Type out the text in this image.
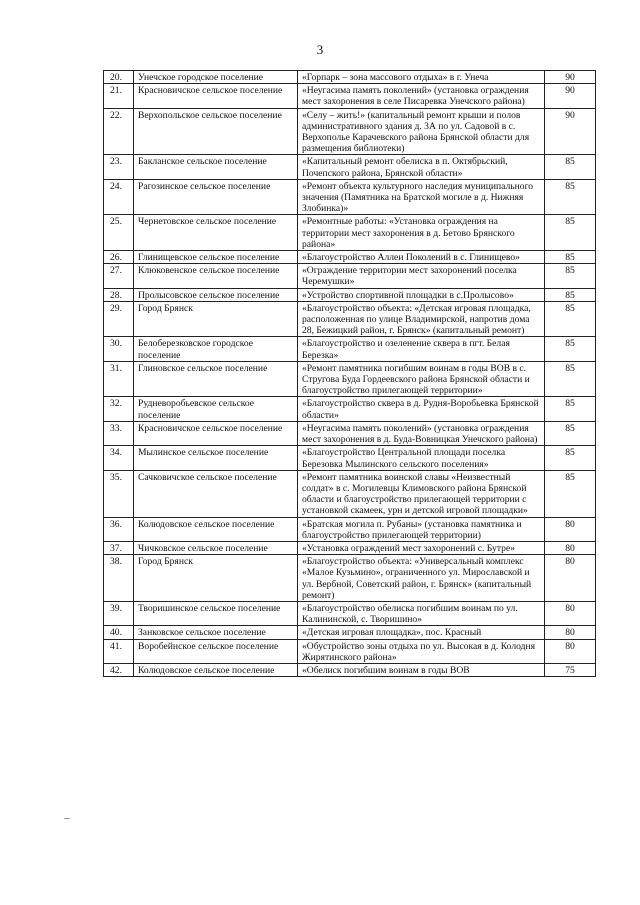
3
20.	Унечское городское поселение	«Горпарк – зона массового отдыха» в г. Унеча	90
21.	Красновичское сельское поселение	«Неугасима память поколений» (установка ограждения мест захоронения в селе Писаревка Унечского района)	90
22.	Верхопольское сельское поселение	«Селу – жить!» (капитальный ремонт крыши и полов административного здания д. 3А по ул. Садовой в с. Верхополье Карачевского района Брянской области для размещения библиотеки)	90
23.	Бакланское сельское поселение	«Капитальный ремонт обелиска в п. Октябрьский, Почепского района, Брянской области»	85
24.	Рагозинское сельское поселение	«Ремонт объекта культурного наследия муниципального значения (Памятника на Братской могиле в д. Нижняя Злобинка)»	85
25.	Чернетовское сельское поселение	«Ремонтные работы: «Установка ограждения на территории мест захоронения в д. Бетово Брянского района»	85
26.	Глинищевское сельское поселение	«Благоустройство Аллеи Поколений в с. Глинищево»	85
27.	Клюковенское сельское поселение	«Ограждение территории мест захоронений поселка Черемушки»	85
28.	Пролысовское сельское поселение	«Устройство спортивной площадки в с.Пролысово»	85
29.	Город Брянск	«Благоустройство объекта: «Детская игровая площадка, расположенная по улице Владимирской, напротив дома 28, Бежицкий район, г. Брянск» (капитальный ремонт)	85
30.	Белоберезковское городское поселение	«Благоустройство и озеленение сквера в пгт. Белая Березка»	85
31.	Глиновское сельское поселение	«Ремонт памятника погибшим воинам в годы ВОВ в с. Стругова Буда Гордеевского района Брянской области и благоустройство прилегающей территории»	85
32.	Рудневоробьевское сельское поселение	«Благоустройство сквера в д. Рудня-Воробьевка Брянской области»	85
33.	Красновичское сельское поселение	«Неугасима память поколений» (установка ограждения мест захоронения в д. Буда-Вовницкая Унечского района)	85
34.	Мылинское сельское поселение	«Благоустройство Центральной площади поселка Березовка Мылинского сельского поселения»	85
35.	Сачковичское сельское поселение	«Ремонт памятника воинской славы «Неизвестный солдат» в с. Могилевцы Климовского района Брянской области и благоустройство прилегающей территории с установкой скамеек, урн и детской игровой площадки»	85
36.	Колюдовское сельское поселение	«Братская могила п. Рубаны» (установка памятника и благоустройство прилегающей территории)	80
37.	Чичковское сельское поселение	«Установка ограждений мест захоронений с. Бутре»	80
38.	Город Брянск	«Благоустройство объекта: «Универсальный комплекс «Малое Кузьмино», ограниченного ул. Мирославской и ул. Вербной, Советский район, г. Брянск» (капитальный ремонт)	80
39.	Творишинское сельское поселение	«Благоустройство обелиска погибшим воинам по ул. Калининской, с. Творишино»	80
40.	Занковское сельское поселение	«Детская игровая площадка», пос. Красный	80
41.	Воробейнское сельское поселение	«Обустройство зоны отдыха по ул. Высокая в д. Колодня Жирятинского района»	80
42.	Колюдовское сельское поселение	«Обелиск погибшим воинам в годы ВОВ	75
